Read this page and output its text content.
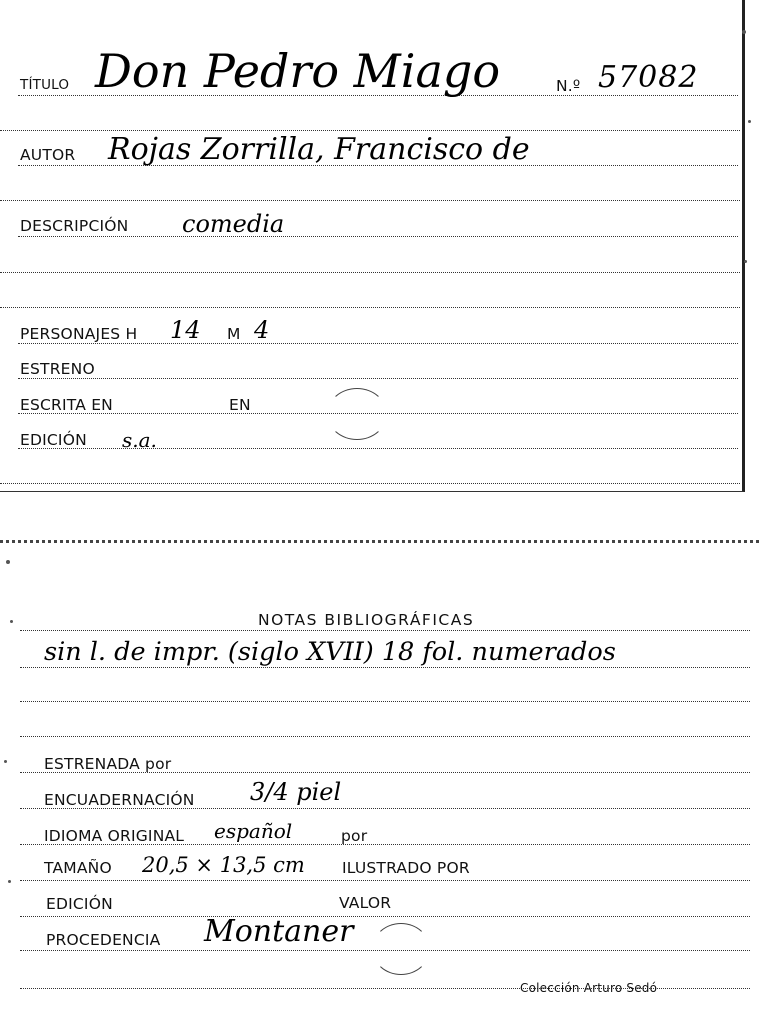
TÍTULO Don Pedro Miago	N.º 57082
AUTOR Rojas Zorrilla, Francisco de
DESCRIPCIÓN comedia
PERSONAJES H 14 M 4
ESTRENO
ESCRITA EN	EN
EDICIÓN s.a.
NOTAS BIBLIOGRÁFICAS
sin l. de impr. (siglo XVII) 18 fol. numerados
ESTRENADA por
ENCUADERNACIÓN 3/4 piel
IDIOMA ORIGINAL español	por
TAMAÑO 20,5 × 13,5 cm ILUSTRADO POR
EDICIÓN	VALOR
PROCEDENCIA Montaner
Colección Arturo Sedó
